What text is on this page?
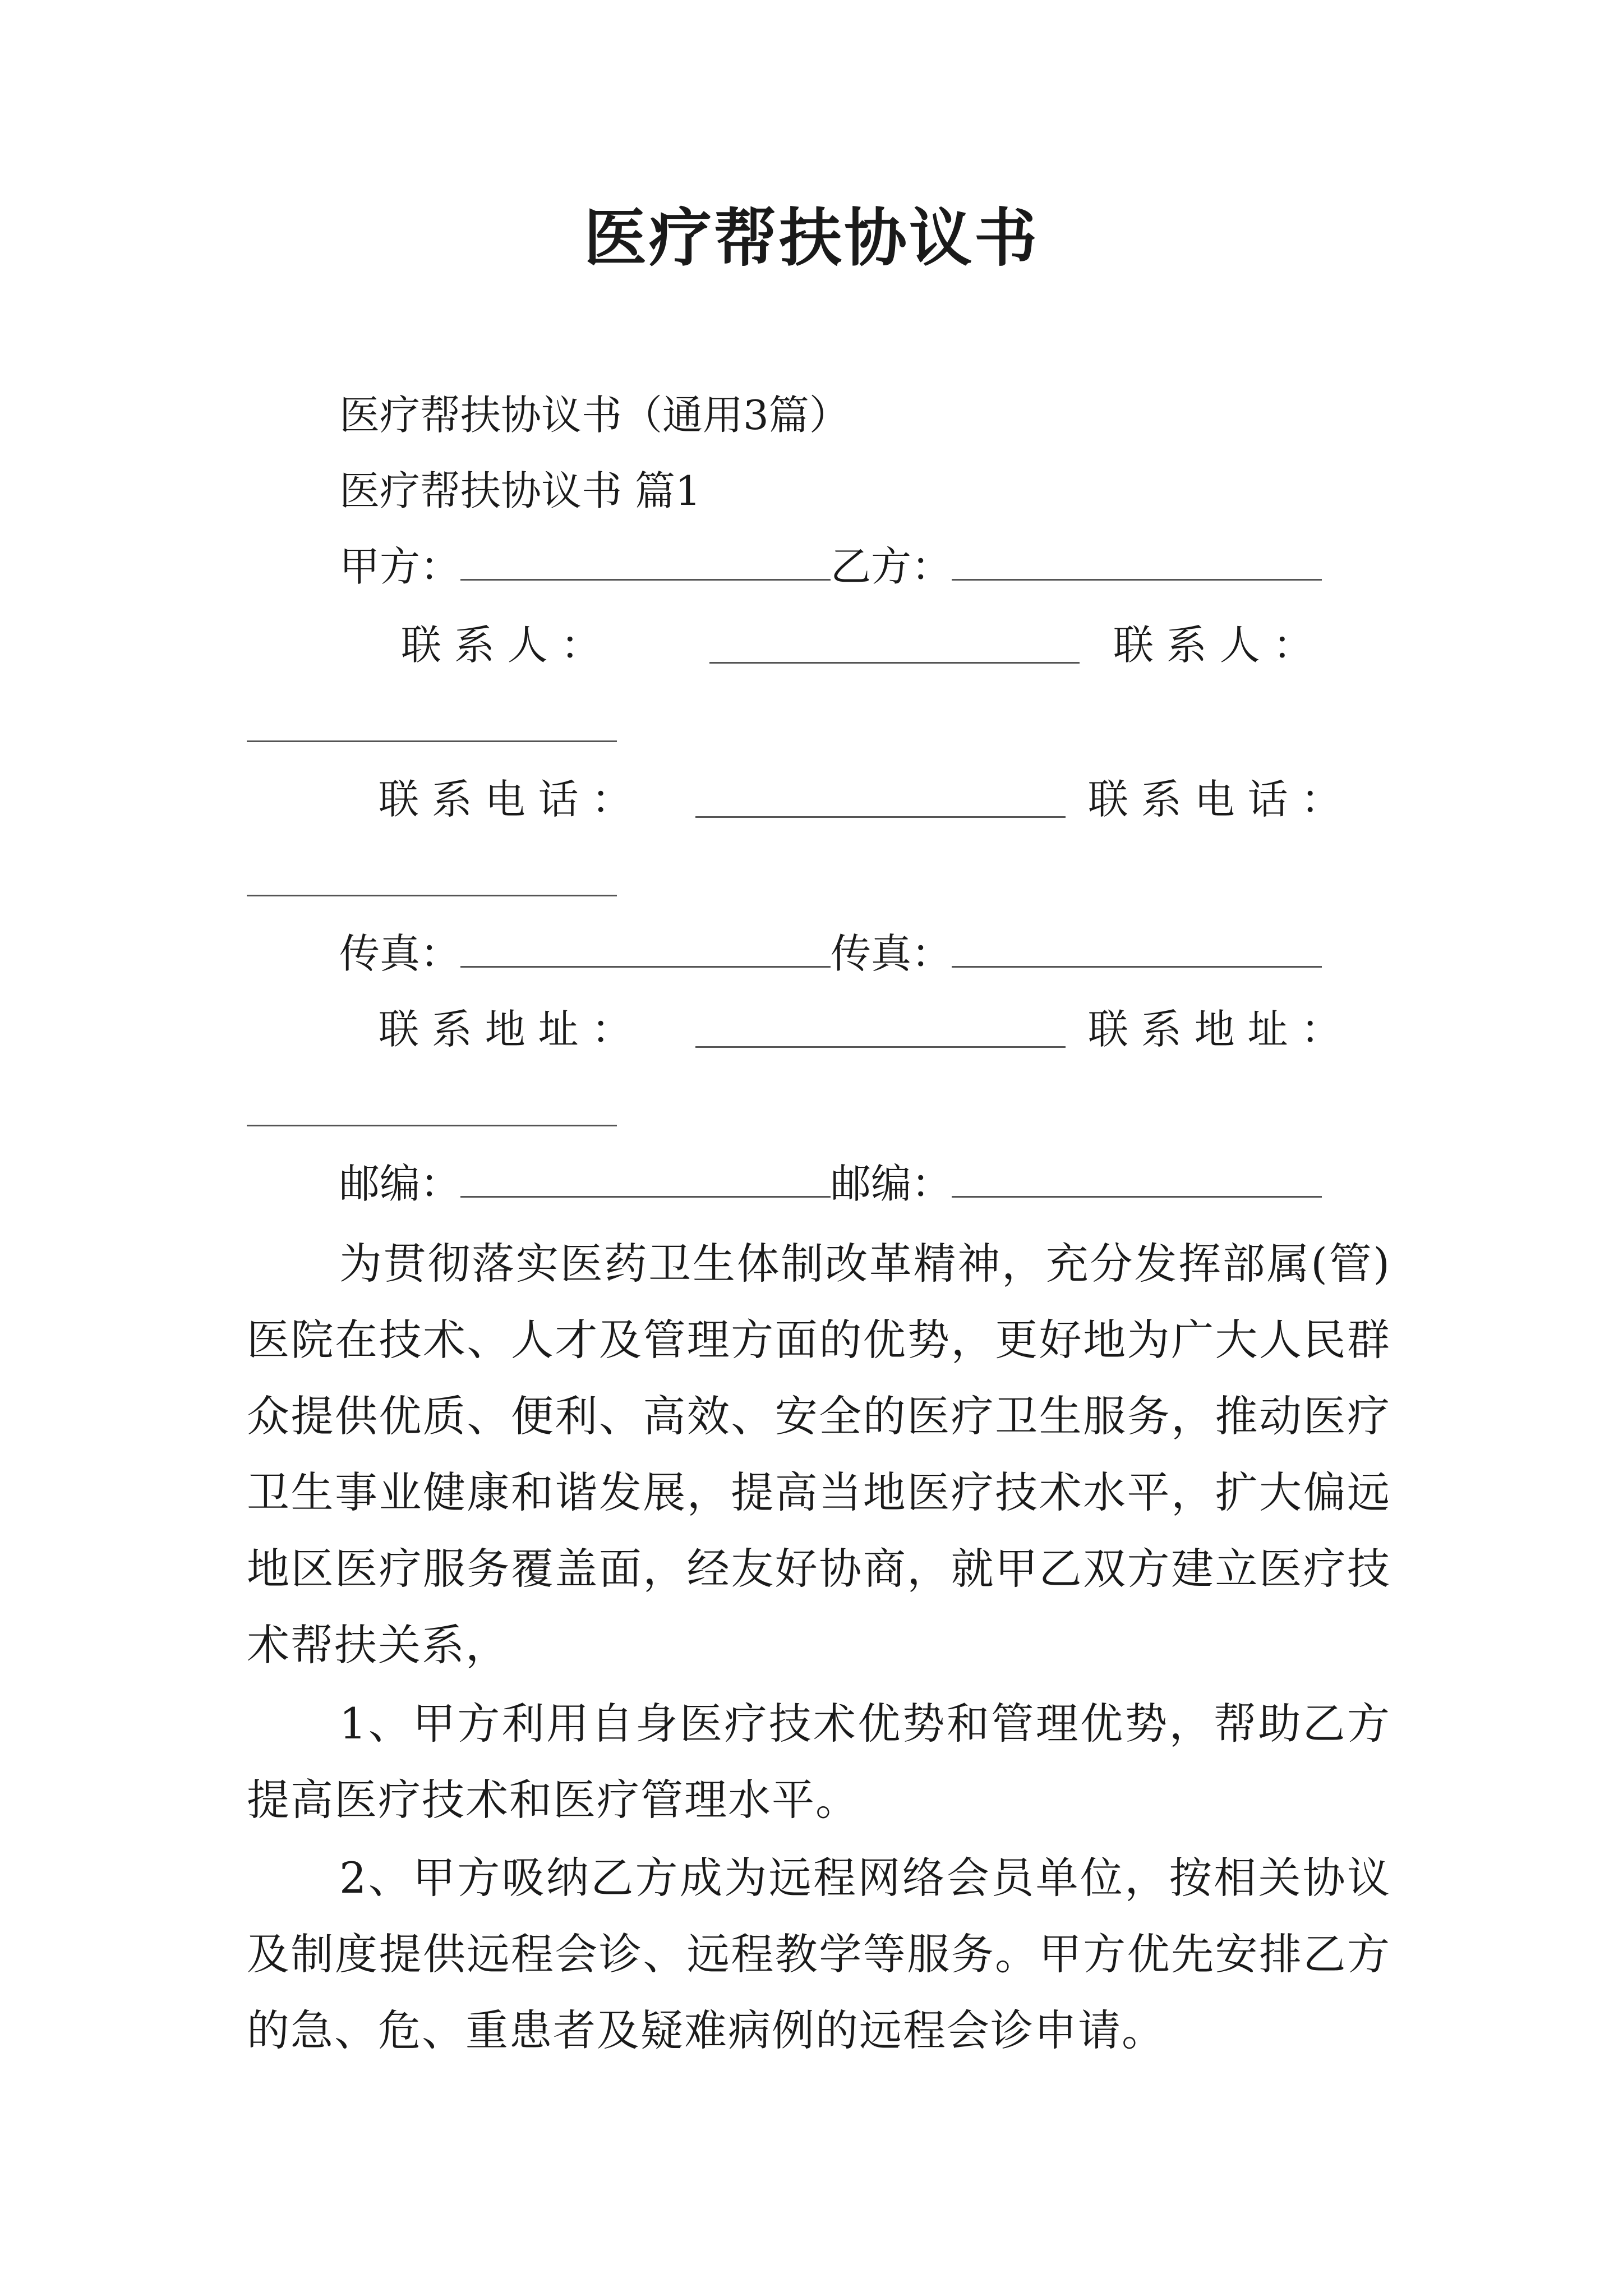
医疗帮扶协议书
医疗帮扶协议书（通用3篇）
医疗帮扶协议书 篇1
甲方：	乙方：
联 系 人 ：	联 系 人 ：
联 系 电 话 ：	联 系 电 话 ：
传真：	传真：
联 系 地 址 ：	联 系 地 址 ：
邮编：	邮编：
为贯彻落实医药卫生体制改革精神，充分发挥部属(管)医院在技术、人才及管理方面的优势，更好地为广大人民群众提供优质、便利、高效、安全的医疗卫生服务，推动医疗卫生事业健康和谐发展，提高当地医疗技术水平，扩大偏远地区医疗服务覆盖面，经友好协商，就甲乙双方建立医疗技术帮扶关系，
1、甲方利用自身医疗技术优势和管理优势，帮助乙方提高医疗技术和医疗管理水平。
2、甲方吸纳乙方成为远程网络会员单位，按相关协议及制度提供远程会诊、远程教学等服务。甲方优先安排乙方的急、危、重患者及疑难病例的远程会诊申请。
